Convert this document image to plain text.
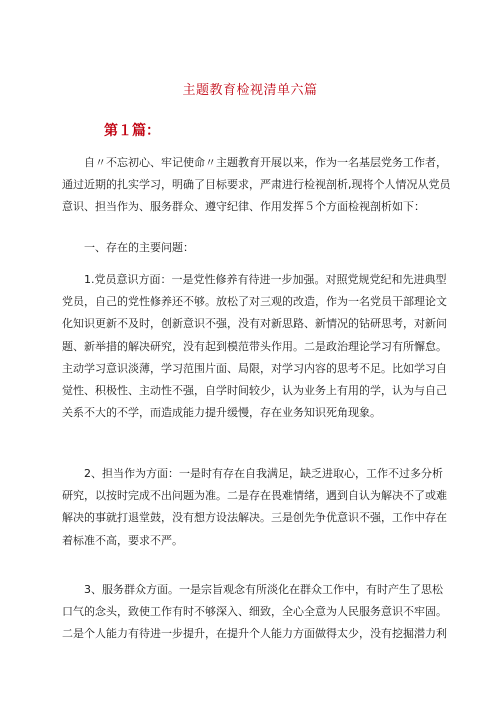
主题教育检视清单六篇
第１篇：
自〃不忘初心、牢记使命〃主题教育开展以来，作为一名基层党务工作者，
通过近期的扎实学习，明确了目标要求，严肃进行检视剖析,现将个人情况从党员
意识、担当作为、服务群众、遵守纪律、作用发挥５个方面检视剖析如下：
一、存在的主要问题：
1.党员意识方面：一是党性修养有待进一步加强。对照党规党纪和先进典型
党员，自己的党性修养还不够。放松了对三观的改造，作为一名党员干部理论文
化知识更新不及时，创新意识不强，没有对新思路、新情况的钻研思考，对新问
题、新举措的解决研究，没有起到模范带头作用。二是政治理论学习有所懈怠。
主动学习意识淡薄，学习范围片面、局限，对学习内容的思考不足。比如学习自
觉性、积极性、主动性不强，自学时间较少，认为业务上有用的学，认为与自己
关系不大的不学，而造成能力提升缓慢，存在业务知识死角现象。
2、担当作为方面：一是时有存在自我满足，缺乏进取心，工作不过多分析
研究，以按时完成不出问题为准。二是存在畏难情绪，遇到自认为解决不了或难
解决的事就打退堂鼓，没有想方设法解决。三是创先争优意识不强，工作中存在
着标准不高，要求不严。
3、服务群众方面。一是宗旨观念有所淡化在群众工作中，有时产生了思松
口气的念头，致使工作有时不够深入、细致，全心全意为人民服务意识不牢固。
二是个人能力有待进一步提升，在提升个人能力方面做得太少，没有挖掘潜力利
